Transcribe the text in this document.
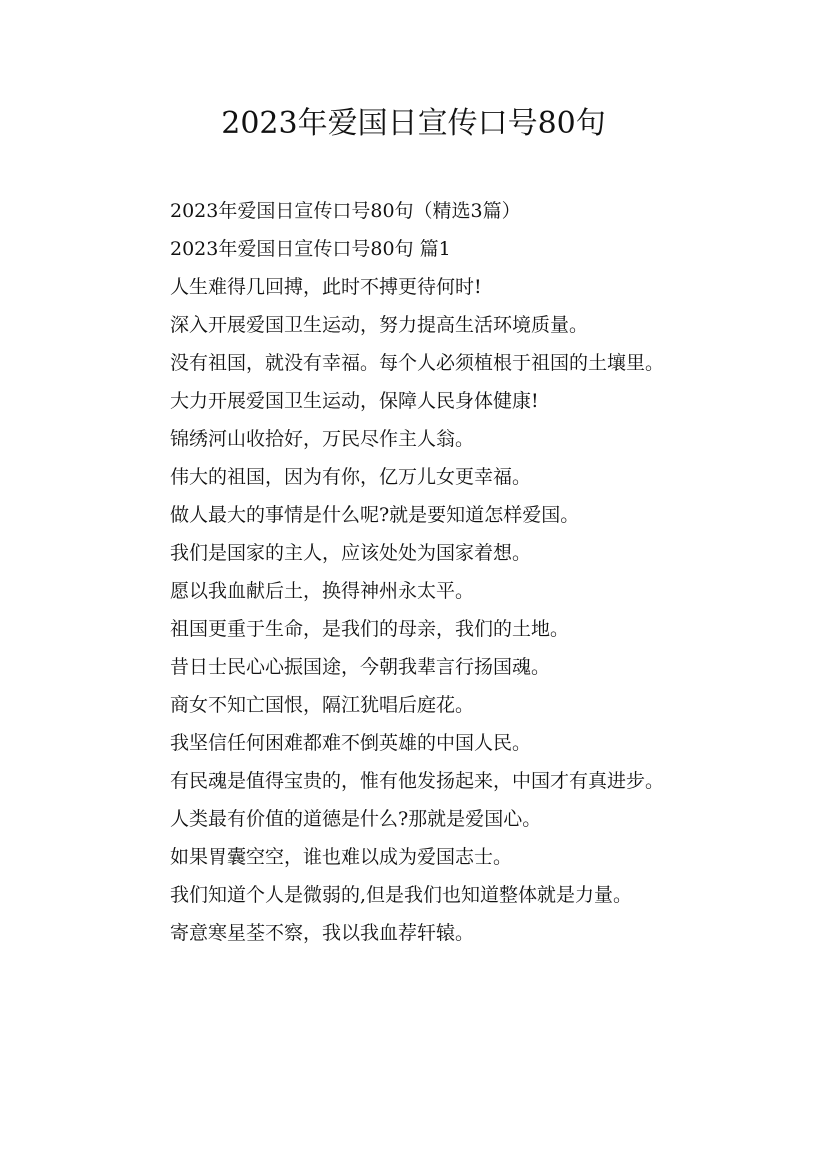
2023年爱国日宣传口号80句

2023年爱国日宣传口号80句（精选3篇）

2023年爱国日宣传口号80句 篇1

人生难得几回搏，此时不搏更待何时!

深入开展爱国卫生运动，努力提高生活环境质量。

没有祖国，就没有幸福。每个人必须植根于祖国的土壤里。

大力开展爱国卫生运动，保障人民身体健康!

锦绣河山收拾好，万民尽作主人翁。

伟大的祖国，因为有你，亿万儿女更幸福。

做人最大的事情是什么呢?就是要知道怎样爱国。

我们是国家的主人，应该处处为国家着想。

愿以我血献后土，换得神州永太平。

祖国更重于生命，是我们的母亲，我们的土地。

昔日士民心心振国途，今朝我辈言行扬国魂。

商女不知亡国恨，隔江犹唱后庭花。

我坚信任何困难都难不倒英雄的中国人民。

有民魂是值得宝贵的，惟有他发扬起来，中国才有真进步。

人类最有价值的道德是什么?那就是爱国心。

如果胃囊空空，谁也难以成为爱国志士。

我们知道个人是微弱的,但是我们也知道整体就是力量。

寄意寒星荃不察，我以我血荐轩辕。
